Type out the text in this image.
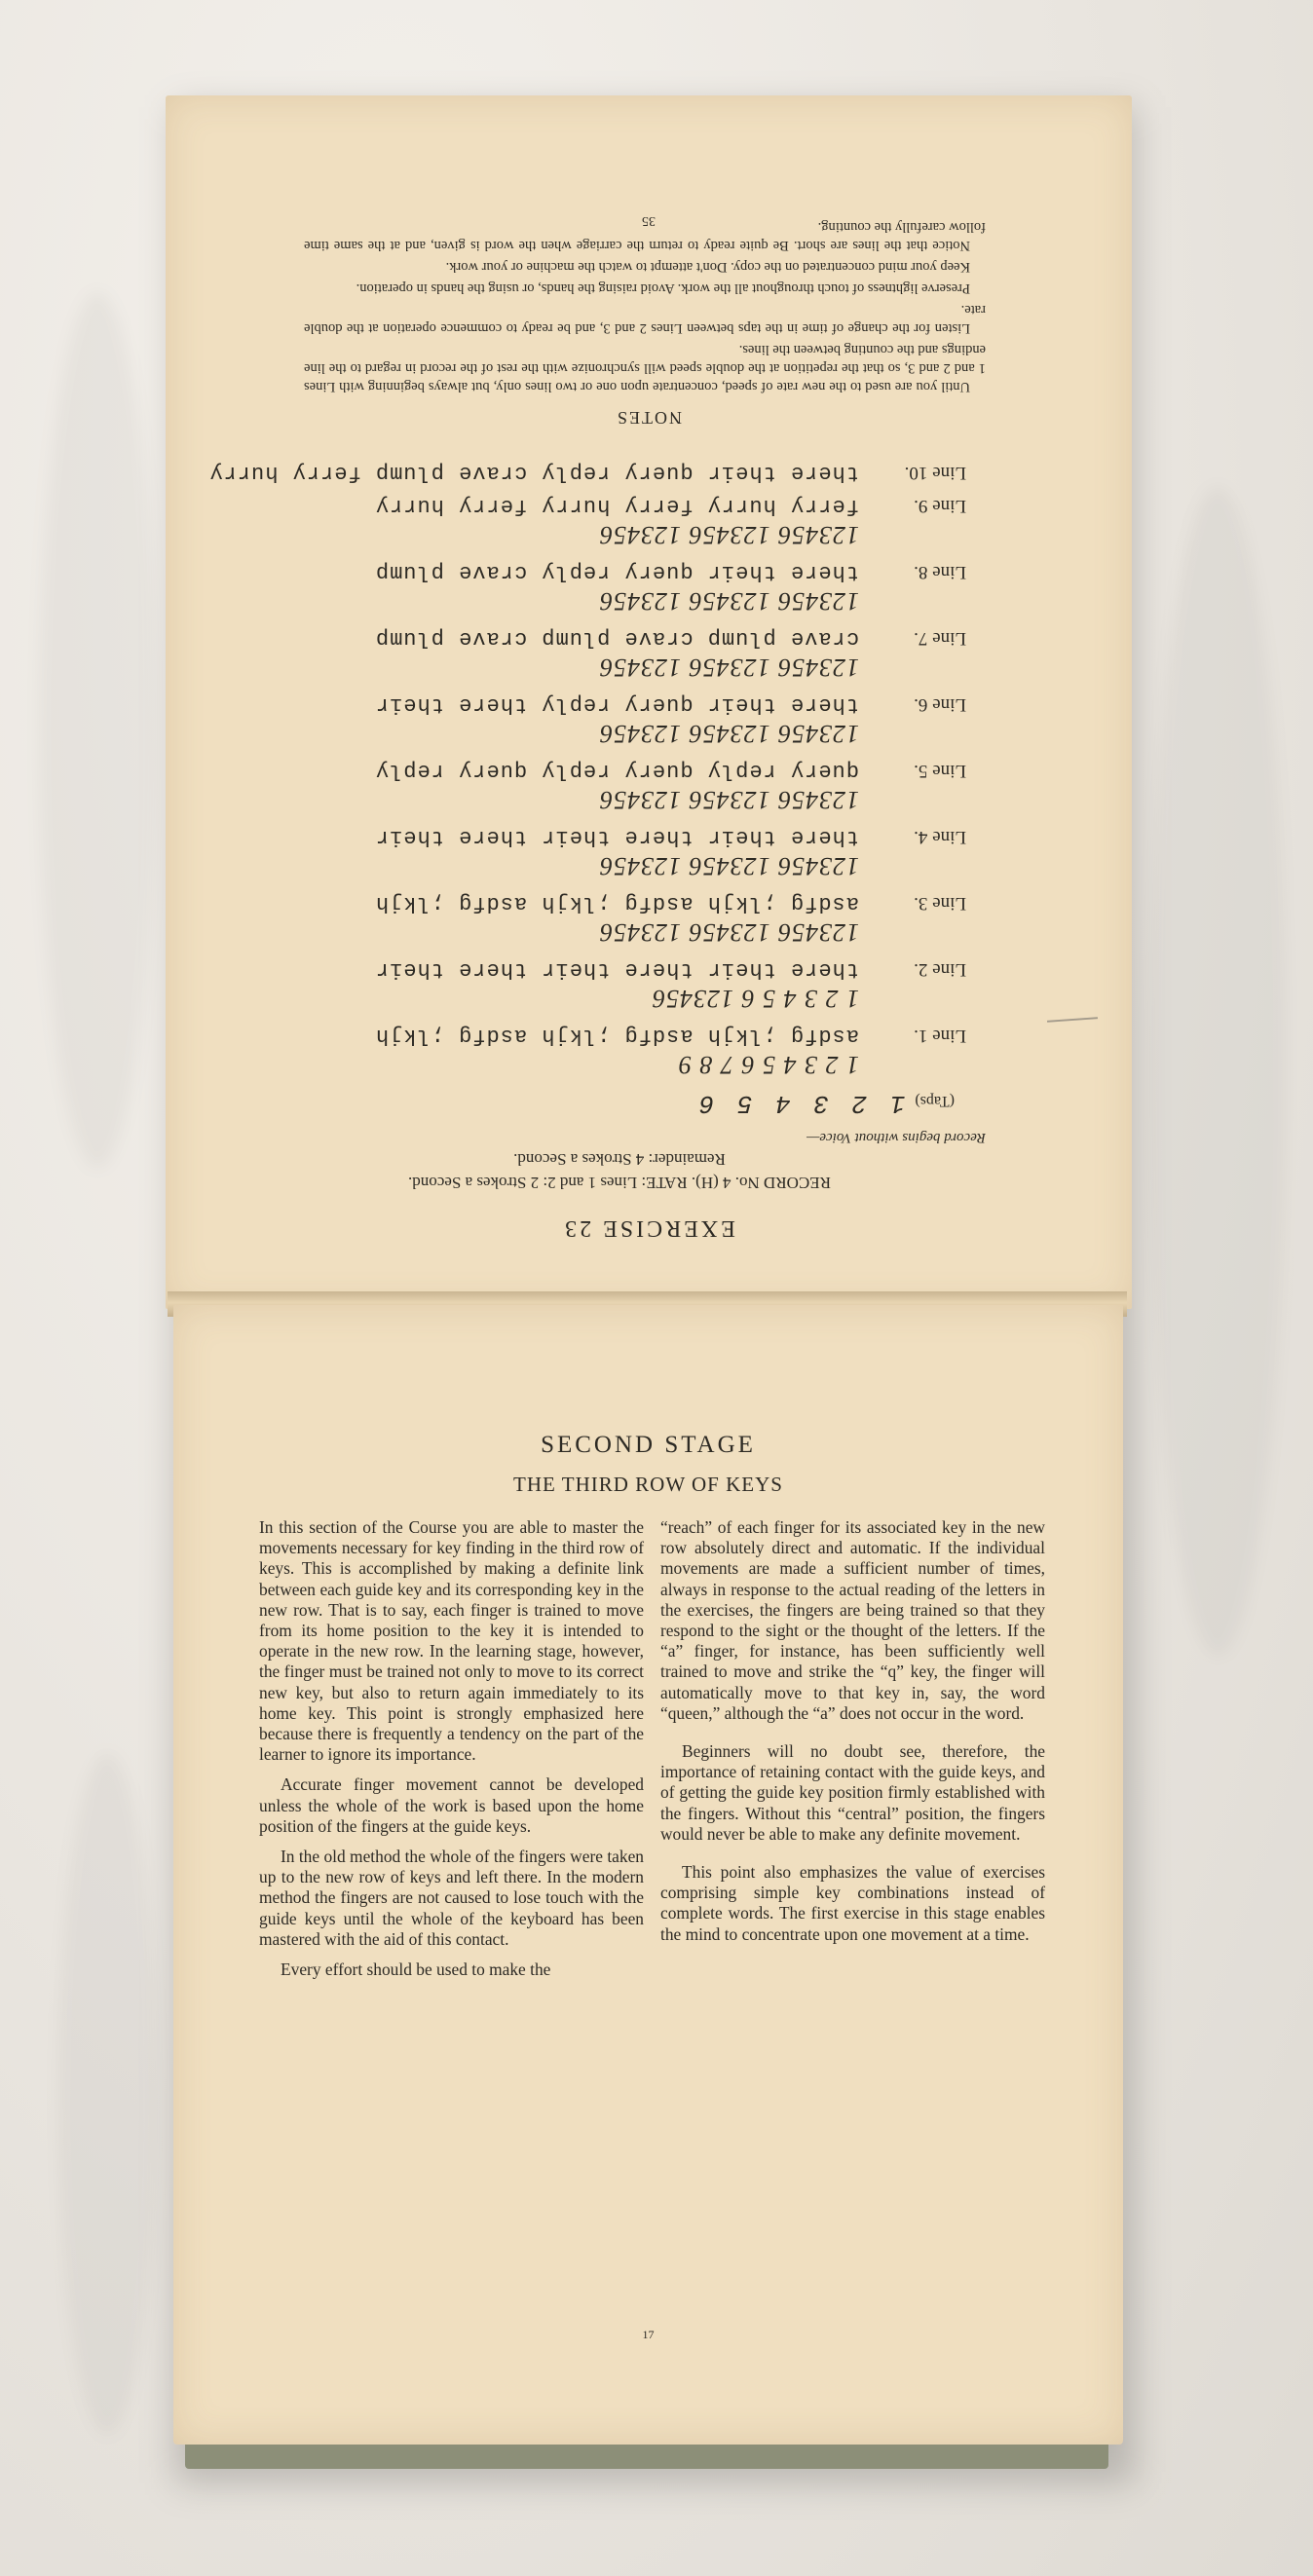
EXERCISE 23
RECORD No. 4 (H). RATE: Lines 1 and 2: 2 Strokes a Second.
Remainder: 4 Strokes a Second.
Record begins without Voice—
(Taps) 1 2 3 4 5 6
1 2 3 4 5 6 7 8 9
Line 1.
asdfg ;lkjh asdfg ;lkjh asdfg ;lkjh
1 2 3 4 5 6 123456
Line 2.
there their there their there their
123456 123456 123456
Line 3.
asdfg ;lkjh asdfg ;lkjh asdfg ;lkjh
123456 123456 123456
Line 4.
there their there their there their
123456 123456 123456
Line 5.
query reply query reply query reply
123456 123456 123456
Line 6.
there their query reply there their
123456 123456 123456
Line 7.
crave plump crave plump crave plump
123456 123456 123456
Line 8.
there their query reply crave plump
123456 123456 123456
Line 9.
ferry hurry ferry hurry ferry hurry
Line 10.
there their query reply crave plump ferry hurry
NOTES

Until you are used to the new rate of speed, concentrate upon one or two lines only, but always beginning with Lines 1 and 2 and 3, so that the repetition at the double speed will synchronize with the rest of the record in regard to the line endings and the counting between the lines.

Listen for the change of time in the taps between Lines 2 and 3, and be ready to commence operation at the double rate.

Preserve lightness of touch throughout all the work. Avoid raising the hands, or using the hands in operation.

Keep your mind concentrated on the copy. Don't attempt to watch the machine or your work.

Notice that the lines are short. Be quite ready to return the carriage when the word is given, and at the same time follow carefully the counting.

35
SECOND STAGE
THE THIRD ROW OF KEYS

In this section of the Course you are able to master the movements necessary for key finding in the third row of keys. This is accomplished by making a definite link between each guide key and its corresponding key in the new row. That is to say, each finger is trained to move from its home position to the key it is intended to operate in the new row. In the learning stage, however, the finger must be trained not only to move to its correct new key, but also to return again immediately to its home key. This point is strongly emphasized here because there is frequently a tendency on the part of the learner to ignore its importance.

Accurate finger movement cannot be developed unless the whole of the work is based upon the home position of the fingers at the guide keys.

In the old method the whole of the fingers were taken up to the new row of keys and left there. In the modern method the fingers are not caused to lose touch with the guide keys until the whole of the keyboard has been mastered with the aid of this contact.

Every effort should be used to make the

“reach” of each finger for its associated key in the new row absolutely direct and automatic. If the individual movements are made a sufficient number of times, always in response to the actual reading of the letters in the exercises, the fingers are being trained so that they respond to the sight or the thought of the letters. If the “a” finger, for instance, has been sufficiently well trained to move and strike the “q” key, the finger will automatically move to that key in, say, the word “queen,” although the “a” does not occur in the word.

Beginners will no doubt see, therefore, the importance of retaining contact with the guide keys, and of getting the guide key position firmly established with the fingers. Without this “central” position, the fingers would never be able to make any definite movement.

This point also emphasizes the value of exercises comprising simple key combinations instead of complete words. The first exercise in this stage enables the mind to concentrate upon one movement at a time.

17
